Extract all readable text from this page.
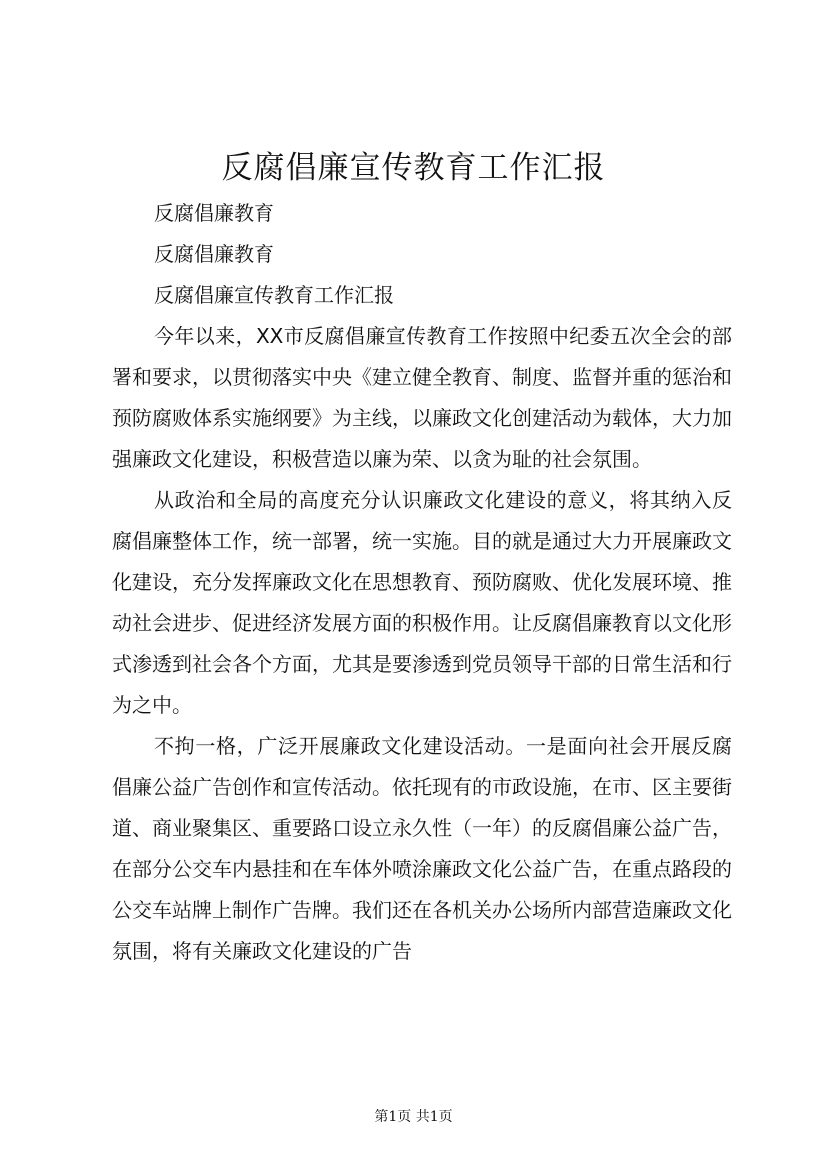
反腐倡廉宣传教育工作汇报

反腐倡廉教育

反腐倡廉教育

反腐倡廉宣传教育工作汇报

今年以来，XX市反腐倡廉宣传教育工作按照中纪委五次全会的部署和要求，以贯彻落实中央《建立健全教育、制度、监督并重的惩治和预防腐败体系实施纲要》为主线，以廉政文化创建活动为载体，大力加强廉政文化建设，积极营造以廉为荣、以贪为耻的社会氛围。

从政治和全局的高度充分认识廉政文化建设的意义，将其纳入反腐倡廉整体工作，统一部署，统一实施。目的就是通过大力开展廉政文化建设，充分发挥廉政文化在思想教育、预防腐败、优化发展环境、推动社会进步、促进经济发展方面的积极作用。让反腐倡廉教育以文化形式渗透到社会各个方面，尤其是要渗透到党员领导干部的日常生活和行为之中。

不拘一格，广泛开展廉政文化建设活动。一是面向社会开展反腐倡廉公益广告创作和宣传活动。依托现有的市政设施，在市、区主要街道、商业聚集区、重要路口设立永久性（一年）的反腐倡廉公益广告，在部分公交车内悬挂和在车体外喷涂廉政文化公益广告，在重点路段的公交车站牌上制作广告牌。我们还在各机关办公场所内部营造廉政文化氛围，将有关廉政文化建设的广告

第1页 共1页
